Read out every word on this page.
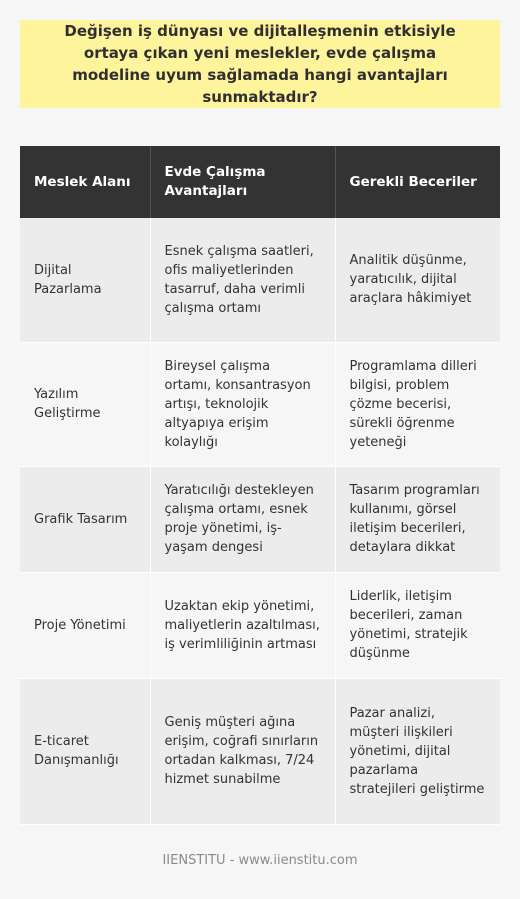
Değişen iş dünyası ve dijitalleşmenin etkisiyle ortaya çıkan yeni meslekler, evde çalışma modeline uyum sağlamada hangi avantajları sunmaktadır?

Meslek Alanı	Evde Çalışma Avantajları	Gerekli Beceriler
Dijital Pazarlama	Esnek çalışma saatleri, ofis maliyetlerinden tasarruf, daha verimli çalışma ortamı	Analitik düşünme, yaratıcılık, dijital araçlara hâkimiyet
Yazılım Geliştirme	Bireysel çalışma ortamı, konsantrasyon artışı, teknolojik altyapıya erişim kolaylığı	Programlama dilleri bilgisi, problem çözme becerisi, sürekli öğrenme yeteneği
Grafik Tasarım	Yaratıcılığı destekleyen çalışma ortamı, esnek proje yönetimi, iş-yaşam dengesi	Tasarım programları kullanımı, görsel iletişim becerileri, detaylara dikkat
Proje Yönetimi	Uzaktan ekip yönetimi, maliyetlerin azaltılması, iş verimliliğinin artması	Liderlik, iletişim becerileri, zaman yönetimi, stratejik düşünme
E-ticaret Danışmanlığı	Geniş müşteri ağına erişim, coğrafi sınırların ortadan kalkması, 7/24 hizmet sunabilme	Pazar analizi, müşteri ilişkileri yönetimi, dijital pazarlama stratejileri geliştirme
IIENSTITU - www.iienstitu.com
